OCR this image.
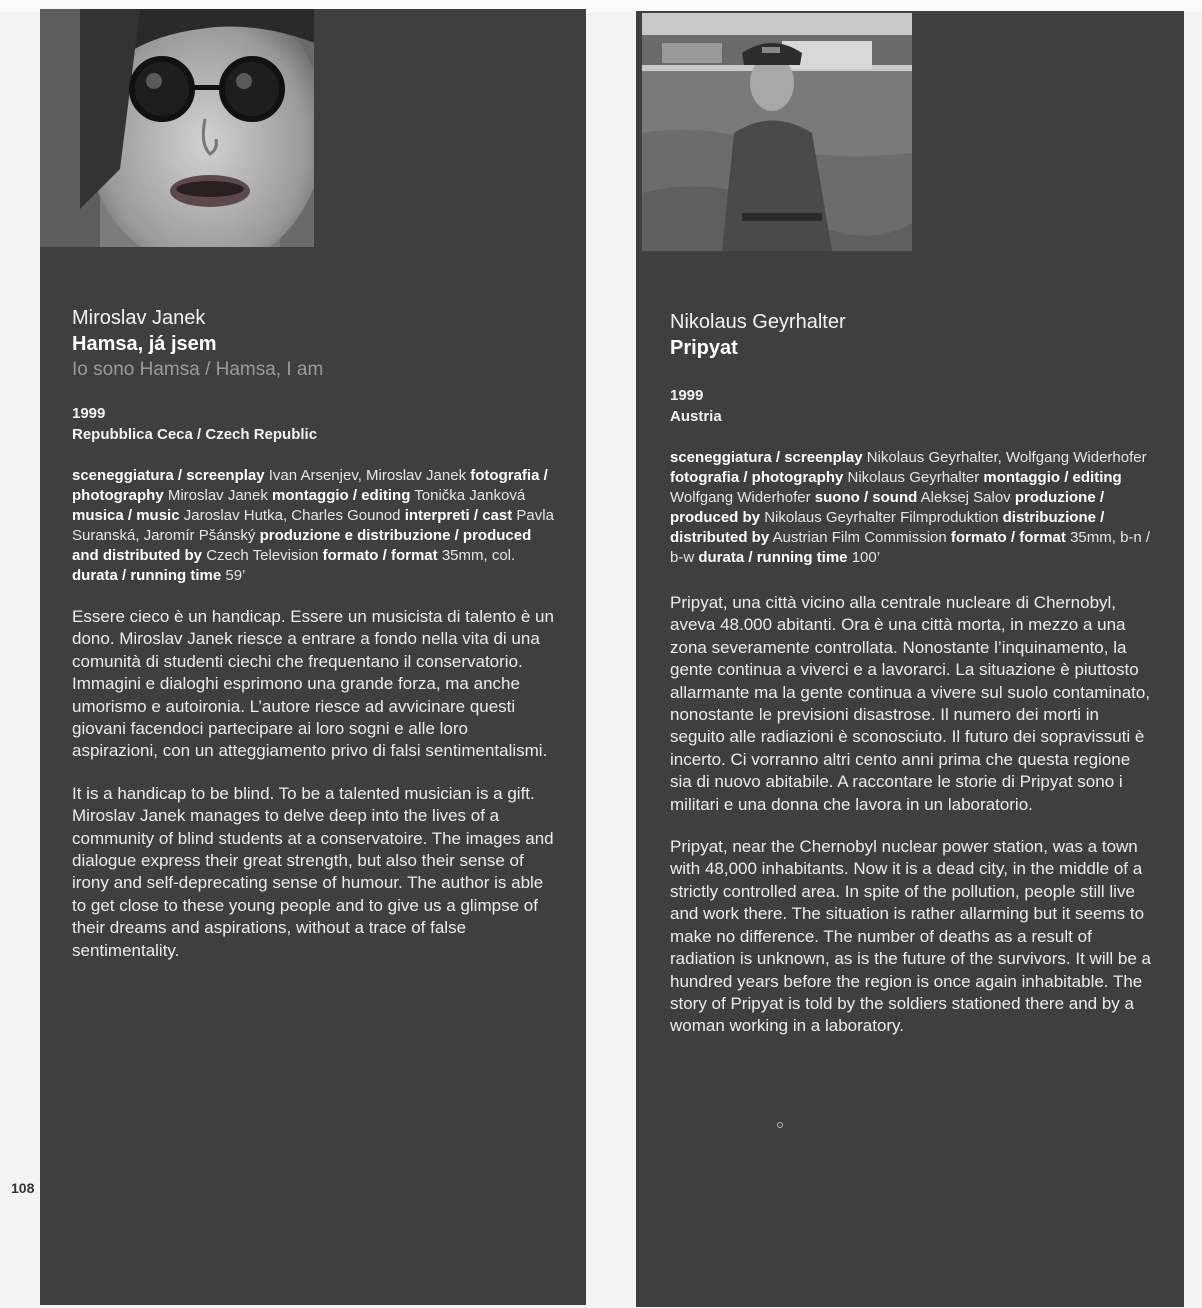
Miroslav Janek
Hamsa, já jsem
Io sono Hamsa / Hamsa, I am
1999
Repubblica Ceca / Czech Republic
sceneggiatura / screenplay Ivan Arsenjev, Miroslav Janek fotografia / photography Miroslav Janek montaggio / editing Tonička Janková musica / music Jaroslav Hutka, Charles Gounod interpreti / cast Pavla Suranská, Jaromír Pšánský produzione e distribuzione / produced and distributed by Czech Television formato / format 35mm, col. durata / running time 59’
Essere cieco è un handicap. Essere un musicista di talento è un dono. Miroslav Janek riesce a entrare a fondo nella vita di una comunità di studenti ciechi che frequentano il conservatorio. Immagini e dialoghi esprimono una grande forza, ma anche umorismo e autoironia. L’autore riesce ad avvicinare questi giovani facendoci partecipare ai loro sogni e alle loro aspirazioni, con un atteggiamento privo di falsi sentimentalismi.
It is a handicap to be blind. To be a talented musician is a gift. Miroslav Janek manages to delve deep into the lives of a community of blind students at a conservatoire. The images and dialogue express their great strength, but also their sense of irony and self-deprecating sense of humour. The author is able to get close to these young people and to give us a glimpse of their dreams and aspirations, without a trace of false sentimentality.
Nikolaus Geyrhalter
Pripyat
1999
Austria
sceneggiatura / screenplay Nikolaus Geyrhalter, Wolfgang Widerhofer fotografia / photography Nikolaus Geyrhalter montaggio / editing Wolfgang Widerhofer suono / sound Aleksej Salov produzione / produced by Nikolaus Geyrhalter Filmproduktion distribuzione / distributed by Austrian Film Commission formato / format 35mm, b-n / b-w durata / running time 100’
Pripyat, una città vicino alla centrale nucleare di Chernobyl, aveva 48.000 abitanti. Ora è una città morta, in mezzo a una zona severamente controllata. Nonostante l’inquinamento, la gente continua a viverci e a lavorarci. La situazione è piuttosto allarmante ma la gente continua a vivere sul suolo contaminato, nonostante le previsioni disastrose. Il numero dei morti in seguito alle radiazioni è sconosciuto. Il futuro dei sopravissuti è incerto. Ci vorranno altri cento anni prima che questa regione sia di nuovo abitabile. A raccontare le storie di Pripyat sono i militari e una donna che lavora in un laboratorio.
Pripyat, near the Chernobyl nuclear power station, was a town with 48,000 inhabitants. Now it is a dead city, in the middle of a strictly controlled area. In spite of the pollution, people still live and work there. The situation is rather allarming but it seems to make no difference. The number of deaths as a result of radiation is unknown, as is the future of the survivors. It will be a hundred years before the region is once again inhabitable. The story of Pripyat is told by the soldiers stationed there and by a woman working in a laboratory.
108
